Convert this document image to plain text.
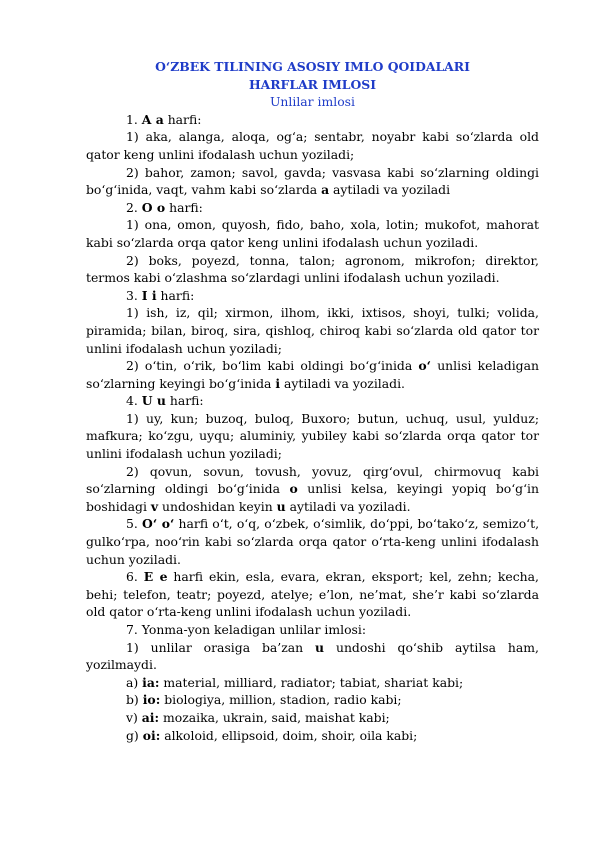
O‘ZBEK TILINING ASOSIY IMLO QOIDALARI
HARFLAR IMLOSI
Unlilar imlosi

1. A a harfi:

1) aka, alanga, aloqa, og‘a; sentabr, noyabr kabi so‘zlarda old qator keng unlini ifodalash uchun yoziladi;

2) bahor, zamon; savol, gavda; vasvasa kabi so‘zlarning oldingi bo‘g‘inida, vaqt, vahm kabi so‘zlarda a aytiladi va yoziladi

2. O o harfi:

1) ona, omon, quyosh, fido, baho, xola, lotin; mukofot, mahorat kabi so‘zlarda orqa qator keng unlini ifodalash uchun yoziladi.

2) boks, poyezd, tonna, talon; agronom, mikrofon; direktor, termos kabi o‘zlashma so‘zlardagi unlini ifodalash uchun yoziladi.

3. I i harfi:

1) ish, iz, qil; xirmon, ilhom, ikki, ixtisos, shoyi, tulki; volida, piramida; bilan, biroq, sira, qishloq, chiroq kabi so‘zlarda old qator tor unlini ifodalash uchun yoziladi;

2) o‘tin, o‘rik, bo‘lim kabi oldingi bo‘g‘inida o‘ unlisi keladigan so‘zlarning keyingi bo‘g‘inida i aytiladi va yoziladi.

4. U u harfi:

1) uy, kun; buzoq, buloq, Buxoro; butun, uchuq, usul, yulduz; mafkura; ko‘zgu, uyqu; aluminiy, yubiley kabi so‘zlarda orqa qator tor unlini ifodalash uchun yoziladi;

2) qovun, sovun, tovush, yovuz, qirg‘ovul, chirmovuq kabi so‘zlarning oldingi bo‘g‘inida o unlisi kelsa, keyingi yopiq bo‘g‘in boshidagi v undoshidan keyin u aytiladi va yoziladi.

5. O‘ o‘ harfi o‘t, o‘q, o‘zbek, o‘simlik, do‘ppi, bo‘tako‘z, semizo‘t, gulko‘rpa, noo‘rin kabi so‘zlarda orqa qator o‘rta-keng unlini ifodalash uchun yoziladi.

6. E e harfi ekin, esla, evara, ekran, eksport; kel, zehn; kecha, behi; telefon, teatr; poyezd, atelye; e’lon, ne’mat, she’r kabi so‘zlarda old qator o‘rta-keng unlini ifodalash uchun yoziladi.

7. Yonma-yon keladigan unlilar imlosi:

1) unlilar orasiga ba’zan u undoshi qo‘shib aytilsa ham, yozilmaydi.

a) ia: material, milliard, radiator; tabiat, shariat kabi;

b) io: biologiya, million, stadion, radio kabi;

v) ai: mozaika, ukrain, said, maishat kabi;

g) oi: alkoloid, ellipsoid, doim, shoir, oila kabi;
